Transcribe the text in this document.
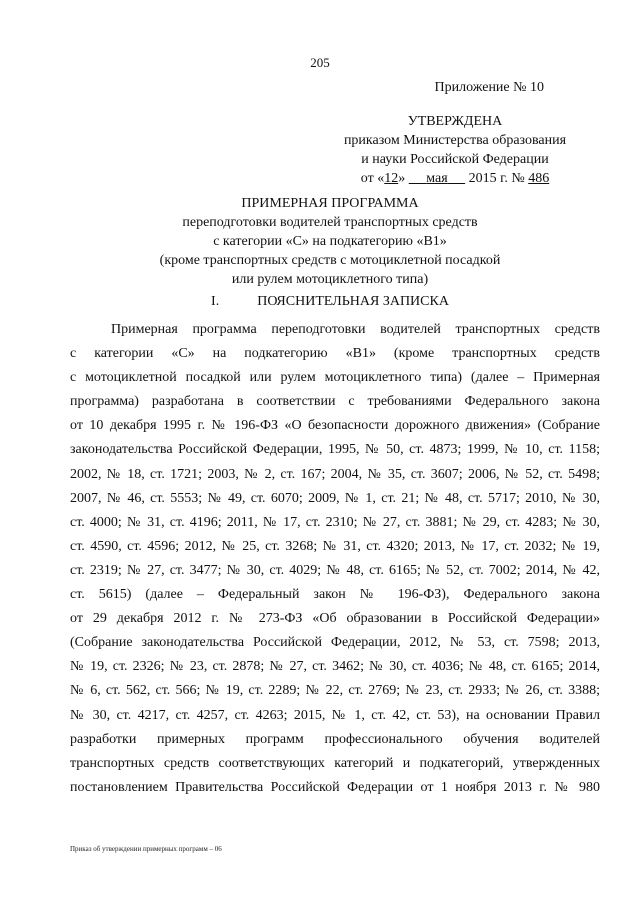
205
Приложение № 10
УТВЕРЖДЕНА
приказом Министерства образования
и науки Российской Федерации
от «12» мая 2015 г. № 486
ПРИМЕРНАЯ ПРОГРАММА
переподготовки водителей транспортных средств
с категории «С» на подкатегорию «В1»
(кроме транспортных средств с мотоциклетной посадкой
или рулем мотоциклетного типа)
I.	ПОЯСНИТЕЛЬНАЯ ЗАПИСКА
Примерная программа переподготовки водителей транспортных средств
с категории «С» на подкатегорию «В1» (кроме транспортных средств
с мотоциклетной посадкой или рулем мотоциклетного типа) (далее – Примерная
программа) разработана в соответствии с требованиями Федерального закона
от 10 декабря 1995 г. № 196-ФЗ «О безопасности дорожного движения» (Собрание
законодательства Российской Федерации, 1995, № 50, ст. 4873; 1999, № 10, ст. 1158;
2002, № 18, ст. 1721; 2003, № 2, ст. 167; 2004, № 35, ст. 3607; 2006, № 52, ст. 5498;
2007, № 46, ст. 5553; № 49, ст. 6070; 2009, № 1, ст. 21; № 48, ст. 5717; 2010, № 30,
ст. 4000; № 31, ст. 4196; 2011, № 17, ст. 2310; № 27, ст. 3881; № 29, ст. 4283; № 30,
ст. 4590, ст. 4596; 2012, № 25, ст. 3268; № 31, ст. 4320; 2013, № 17, ст. 2032; № 19,
ст. 2319; № 27, ст. 3477; № 30, ст. 4029; № 48, ст. 6165; № 52, ст. 7002; 2014, № 42,
ст. 5615) (далее – Федеральный закон № 196-ФЗ), Федерального закона
от 29 декабря 2012 г. № 273-ФЗ «Об образовании в Российской Федерации»
(Собрание законодательства Российской Федерации, 2012, № 53, ст. 7598; 2013,
№ 19, ст. 2326; № 23, ст. 2878; № 27, ст. 3462; № 30, ст. 4036; № 48, ст. 6165; 2014,
№ 6, ст. 562, ст. 566; № 19, ст. 2289; № 22, ст. 2769; № 23, ст. 2933; № 26, ст. 3388;
№ 30, ст. 4217, ст. 4257, ст. 4263; 2015, № 1, ст. 42, ст. 53), на основании Правил
разработки примерных программ профессионального обучения водителей
транспортных средств соответствующих категорий и подкатегорий, утвержденных
постановлением Правительства Российской Федерации от 1 ноября 2013 г. № 980
Приказ об утверждении примерных программ – 06
